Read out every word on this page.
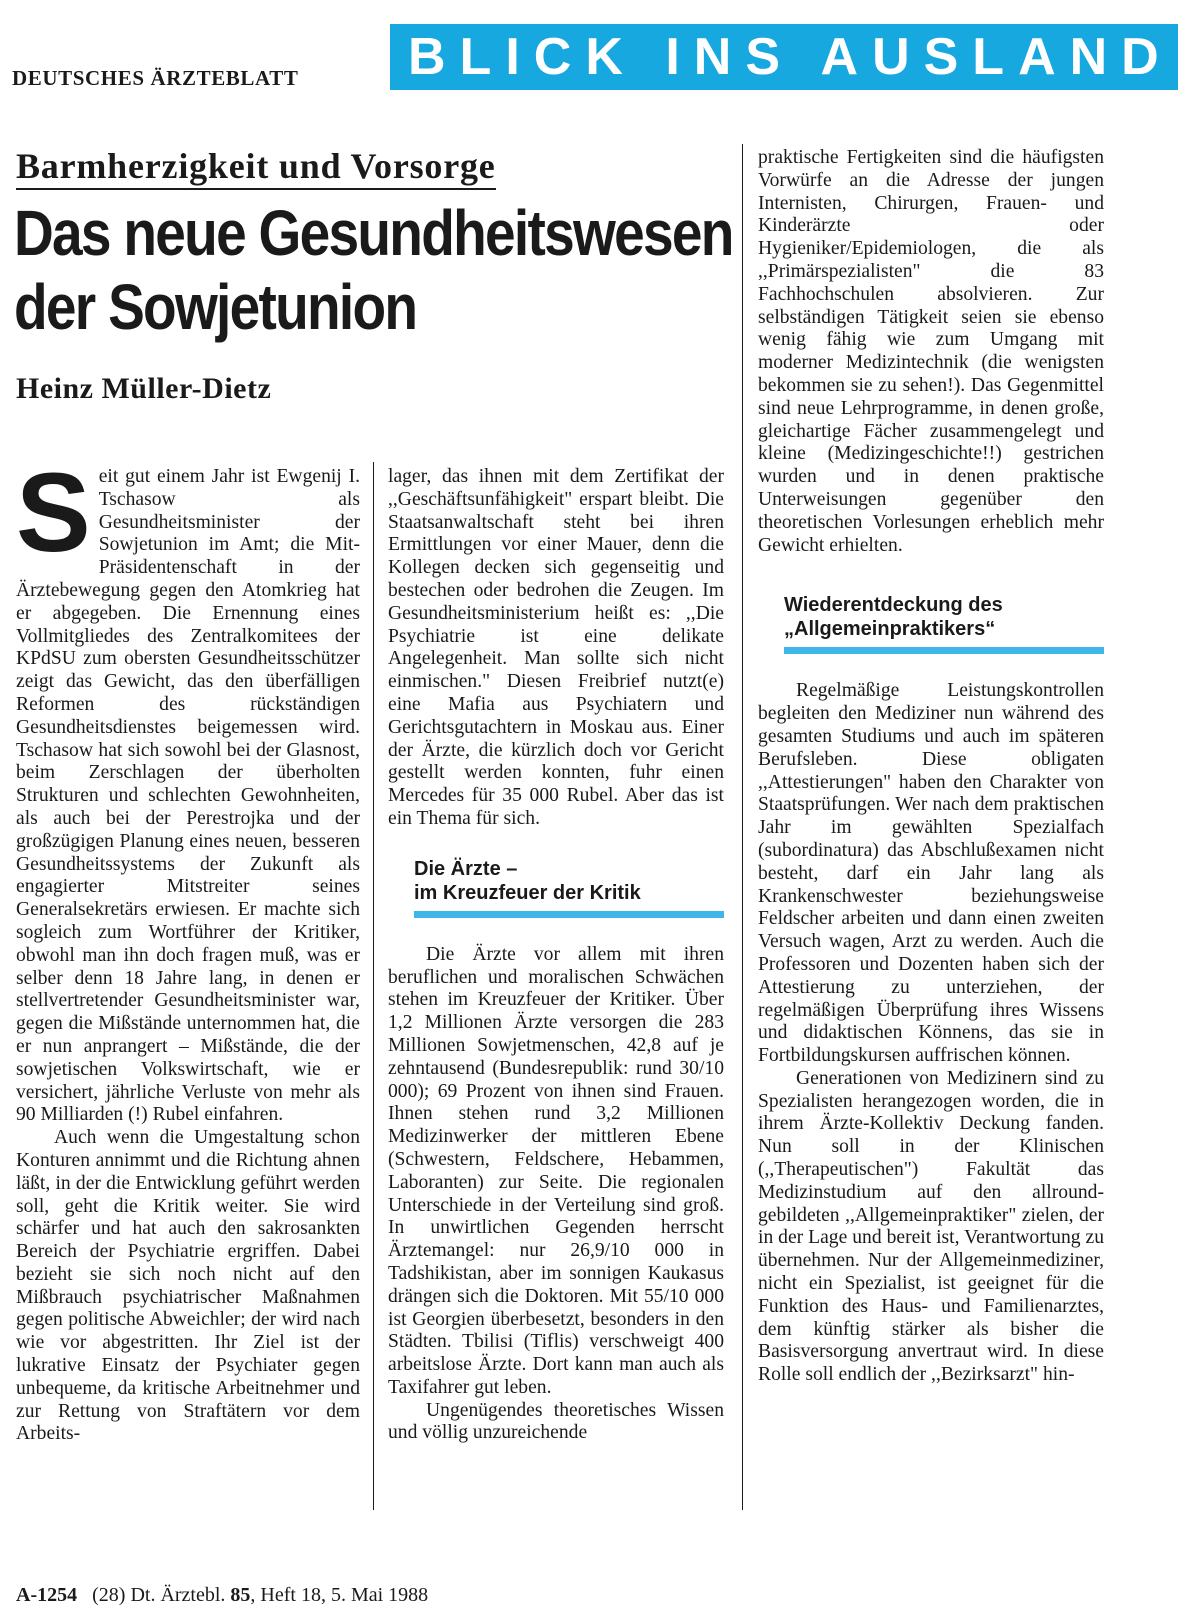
DEUTSCHES ÄRZTEBLATT	BLICK INS AUSLAND
Barmherzigkeit und Vorsorge
Das neue Gesundheitswesen
der Sowjetunion
Heinz Müller-Dietz

Seit gut einem Jahr ist Ewgenij I. Tschasow als Gesundheitsminister der Sowjetunion im Amt; die Mit-Präsidentenschaft in der Ärztebewegung gegen den Atomkrieg hat er abgegeben. Die Ernennung eines Vollmitgliedes des Zentralkomitees der KPdSU zum obersten Gesundheitsschützer zeigt das Gewicht, das den überfälligen Reformen des rückständigen Gesundheitsdienstes beigemessen wird. Tschasow hat sich sowohl bei der Glasnost, beim Zerschlagen der überholten Strukturen und schlechten Gewohnheiten, als auch bei der Perestrojka und der großzügigen Planung eines neuen, besseren Gesundheitssystems der Zukunft als engagierter Mitstreiter seines Generalsekretärs erwiesen. Er machte sich sogleich zum Wortführer der Kritiker, obwohl man ihn doch fragen muß, was er selber denn 18 Jahre lang, in denen er stellvertretender Gesundheitsminister war, gegen die Mißstände unternommen hat, die er nun anprangert – Mißstände, die der sowjetischen Volkswirtschaft, wie er versichert, jährliche Verluste von mehr als 90 Milliarden (!) Rubel einfahren.

Auch wenn die Umgestaltung schon Konturen annimmt und die Richtung ahnen läßt, in der die Entwicklung geführt werden soll, geht die Kritik weiter. Sie wird schärfer und hat auch den sakrosankten Bereich der Psychiatrie ergriffen. Dabei bezieht sie sich noch nicht auf den Mißbrauch psychiatrischer Maßnahmen gegen politische Abweichler; der wird nach wie vor abgestritten. Ihr Ziel ist der lukrative Einsatz der Psychiater gegen unbequeme, da kritische Arbeitnehmer und zur Rettung von Straftätern vor dem Arbeits-

lager, das ihnen mit dem Zertifikat der ,,Geschäftsunfähigkeit" erspart bleibt. Die Staatsanwaltschaft steht bei ihren Ermittlungen vor einer Mauer, denn die Kollegen decken sich gegenseitig und bestechen oder bedrohen die Zeugen. Im Gesundheitsministerium heißt es: ,,Die Psychiatrie ist eine delikate Angelegenheit. Man sollte sich nicht einmischen." Diesen Freibrief nutzt(e) eine Mafia aus Psychiatern und Gerichtsgutachtern in Moskau aus. Einer der Ärzte, die kürzlich doch vor Gericht gestellt werden konnten, fuhr einen Mercedes für 35 000 Rubel. Aber das ist ein Thema für sich.

Die Ärzte –

im Kreuzfeuer der Kritik

Die Ärzte vor allem mit ihren beruflichen und moralischen Schwächen stehen im Kreuzfeuer der Kritiker. Über 1,2 Millionen Ärzte versorgen die 283 Millionen Sowjetmenschen, 42,8 auf je zehntausend (Bundesrepublik: rund 30/10 000); 69 Prozent von ihnen sind Frauen. Ihnen stehen rund 3,2 Millionen Medizinwerker der mittleren Ebene (Schwestern, Feldschere, Hebammen, Laboranten) zur Seite. Die regionalen Unterschiede in der Verteilung sind groß. In unwirtlichen Gegenden herrscht Ärztemangel: nur 26,9/10 000 in Tadshikistan, aber im sonnigen Kaukasus drängen sich die Doktoren. Mit 55/10 000 ist Georgien überbesetzt, besonders in den Städten. Tbilisi (Tiflis) verschweigt 400 arbeitslose Ärzte. Dort kann man auch als Taxifahrer gut leben.

Ungenügendes theoretisches Wissen und völlig unzureichende

praktische Fertigkeiten sind die häufigsten Vorwürfe an die Adresse der jungen Internisten, Chirurgen, Frauen- und Kinderärzte oder Hygieniker/Epidemiologen, die als ,,Primärspezialisten" die 83 Fachhochschulen absolvieren. Zur selbständigen Tätigkeit seien sie ebenso wenig fähig wie zum Umgang mit moderner Medizintechnik (die wenigsten bekommen sie zu sehen!). Das Gegenmittel sind neue Lehrprogramme, in denen große, gleichartige Fächer zusammengelegt und kleine (Medizingeschichte!!) gestrichen wurden und in denen praktische Unterweisungen gegenüber den theoretischen Vorlesungen erheblich mehr Gewicht erhielten.

Wiederentdeckung des

„Allgemeinpraktikers“

Regelmäßige Leistungskontrollen begleiten den Mediziner nun während des gesamten Studiums und auch im späteren Berufsleben. Diese obligaten ,,Attestierungen" haben den Charakter von Staatsprüfungen. Wer nach dem praktischen Jahr im gewählten Spezialfach (subordinatura) das Abschlußexamen nicht besteht, darf ein Jahr lang als Krankenschwester beziehungsweise Feldscher arbeiten und dann einen zweiten Versuch wagen, Arzt zu werden. Auch die Professoren und Dozenten haben sich der Attestierung zu unterziehen, der regelmäßigen Überprüfung ihres Wissens und didaktischen Könnens, das sie in Fortbildungskursen auffrischen können.

Generationen von Medizinern sind zu Spezialisten herangezogen worden, die in ihrem Ärzte-Kollektiv Deckung fanden. Nun soll in der Klinischen (,,Therapeutischen") Fakultät das Medizinstudium auf den allround-gebildeten ,,Allgemeinpraktiker" zielen, der in der Lage und bereit ist, Verantwortung zu übernehmen. Nur der Allgemeinmediziner, nicht ein Spezialist, ist geeignet für die Funktion des Haus- und Familienarztes, dem künftig stärker als bisher die Basisversorgung anvertraut wird. In diese Rolle soll endlich der ,,Bezirksarzt" hin-

A-1254 (28) Dt. Ärztebl. 85, Heft 18, 5. Mai 1988
